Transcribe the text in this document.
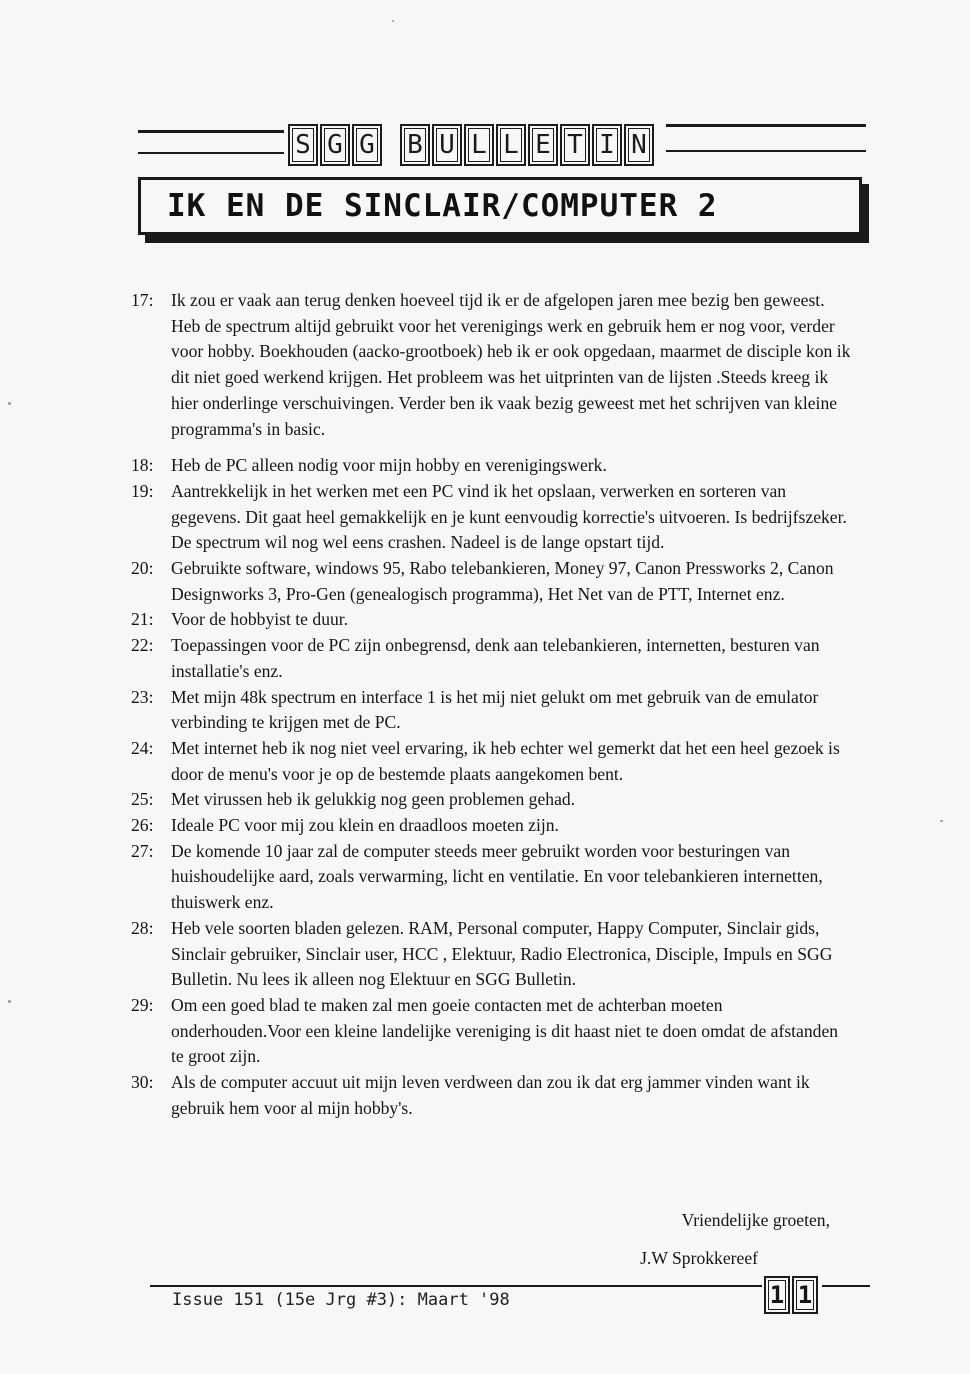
S G G B U L L E T I N
IK EN DE SINCLAIR/COMPUTER 2
17: Ik zou er vaak aan terug denken hoeveel tijd ik er de afgelopen jaren mee bezig ben geweest. Heb de spectrum altijd gebruikt voor het verenigings werk en gebruik hem er nog voor, verder voor hobby. Boekhouden (aacko-grootboek) heb ik er ook opgedaan, maarmet de disciple kon ik dit niet goed werkend krijgen. Het probleem was het uitprinten van de lijsten .Steeds kreeg ik hier onderlinge verschuivingen. Verder ben ik vaak bezig geweest met het schrijven van kleine programma's in basic.
18: Heb de PC alleen nodig voor mijn hobby en verenigingswerk.
19: Aantrekkelijk in het werken met een PC vind ik het opslaan, verwerken en sorteren van gegevens. Dit gaat heel gemakkelijk en je kunt eenvoudig korrectie's uitvoeren. Is bedrijfszeker. De spectrum wil nog wel eens crashen. Nadeel is de lange opstart tijd.
20: Gebruikte software, windows 95, Rabo telebankieren, Money 97, Canon Pressworks 2, Canon Designworks 3, Pro-Gen (genealogisch programma), Het Net van de PTT, Internet enz.
21: Voor de hobbyist te duur.
22: Toepassingen voor de PC zijn onbegrensd, denk aan telebankieren, internetten, besturen van installatie's enz.
23: Met mijn 48k spectrum en interface 1 is het mij niet gelukt om met gebruik van de emulator verbinding te krijgen met de PC.
24: Met internet heb ik nog niet veel ervaring, ik heb echter wel gemerkt dat het een heel gezoek is door de menu's voor je op de bestemde plaats aangekomen bent.
25: Met virussen heb ik gelukkig nog geen problemen gehad.
26: Ideale PC voor mij zou klein en draadloos moeten zijn.
27: De komende 10 jaar zal de computer steeds meer gebruikt worden voor besturingen van huishoudelijke aard, zoals verwarming, licht en ventilatie. En voor telebankieren internetten, thuiswerk enz.
28: Heb vele soorten bladen gelezen. RAM, Personal computer, Happy Computer, Sinclair gids, Sinclair gebruiker, Sinclair user, HCC , Elektuur, Radio Electronica, Disciple, Impuls en SGG Bulletin. Nu lees ik alleen nog Elektuur en SGG Bulletin.
29: Om een goed blad te maken zal men goeie contacten met de achterban moeten onderhouden.Voor een kleine landelijke vereniging is dit haast niet te doen omdat de afstanden te groot zijn.
30: Als de computer accuut uit mijn leven verdween dan zou ik dat erg jammer vinden want ik gebruik hem voor al mijn hobby's.
Vriendelijke groeten,
J.W Sprokkereef
Issue 151 (15e Jrg #3): Maart '98	1 1
